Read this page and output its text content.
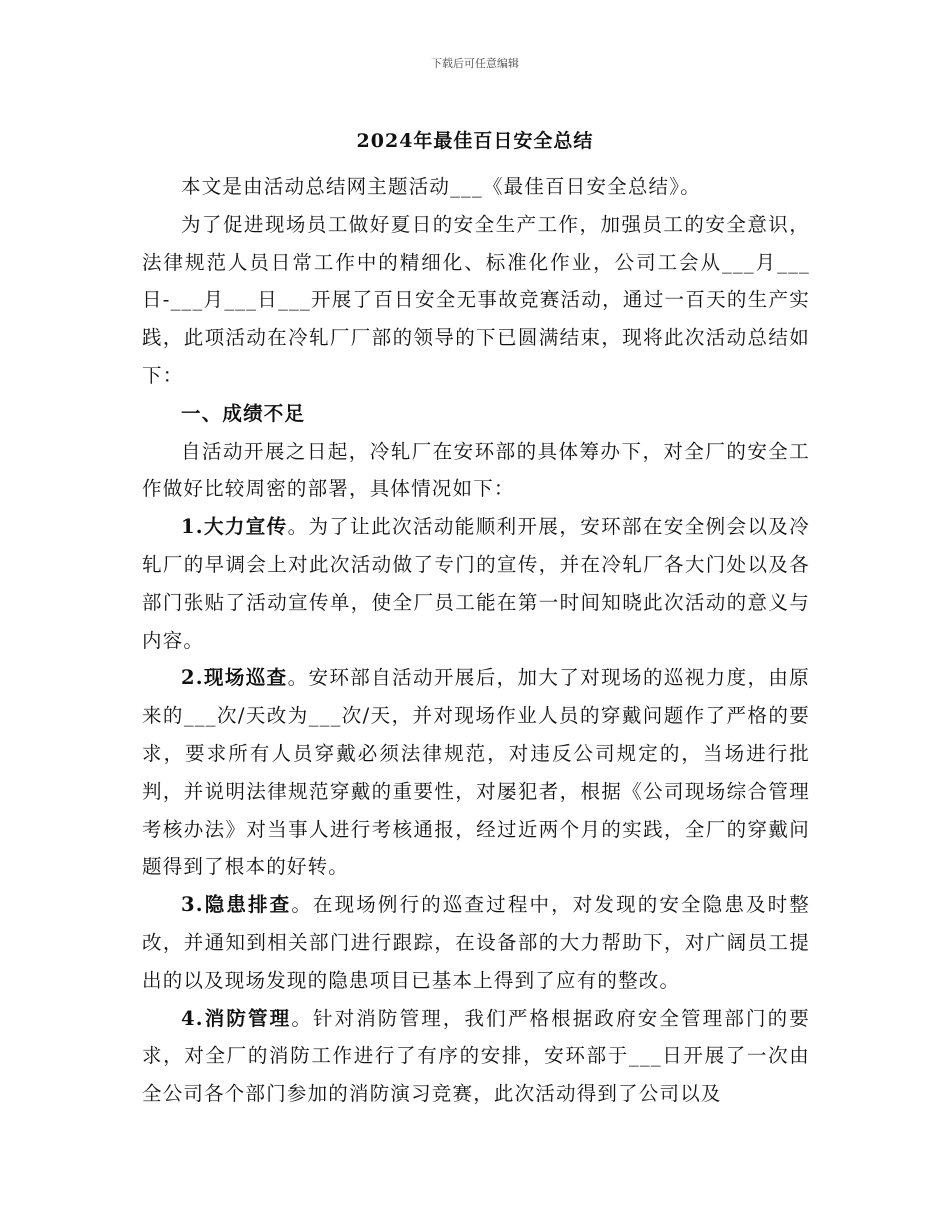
下载后可任意编辑
2024年最佳百日安全总结

本文是由活动总结网主题活动___《最佳百日安全总结》。

为了促进现场员工做好夏日的安全生产工作，加强员工的安全意识，法律规范人员日常工作中的精细化、标准化作业，公司工会从___月___日-___月___日___开展了百日安全无事故竞赛活动，通过一百天的生产实践，此项活动在冷轧厂厂部的领导的下已圆满结束，现将此次活动总结如下：

一、成绩不足

自活动开展之日起，冷轧厂在安环部的具体筹办下，对全厂的安全工作做好比较周密的部署，具体情况如下：

1.大力宣传。为了让此次活动能顺利开展，安环部在安全例会以及冷轧厂的早调会上对此次活动做了专门的宣传，并在冷轧厂各大门处以及各部门张贴了活动宣传单，使全厂员工能在第一时间知晓此次活动的意义与内容。

2.现场巡查。安环部自活动开展后，加大了对现场的巡视力度，由原来的___次/天改为___次/天，并对现场作业人员的穿戴问题作了严格的要求，要求所有人员穿戴必须法律规范，对违反公司规定的，当场进行批判，并说明法律规范穿戴的重要性，对屡犯者，根据《公司现场综合管理考核办法》对当事人进行考核通报，经过近两个月的实践，全厂的穿戴问题得到了根本的好转。

3.隐患排查。在现场例行的巡查过程中，对发现的安全隐患及时整改，并通知到相关部门进行跟踪，在设备部的大力帮助下，对广阔员工提出的以及现场发现的隐患项目已基本上得到了应有的整改。

4.消防管理。针对消防管理，我们严格根据政府安全管理部门的要求，对全厂的消防工作进行了有序的安排，安环部于___日开展了一次由全公司各个部门参加的消防演习竞赛，此次活动得到了公司以及
